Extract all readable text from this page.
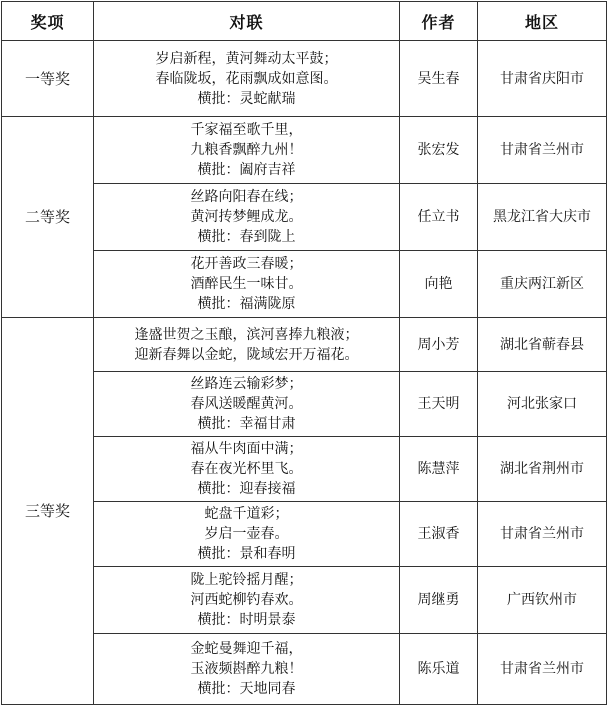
奖项	对联	作者	地区
一等奖	岁启新程，黄河舞动太平鼓；
春临陇坂，花雨飘成如意图。
横批：灵蛇献瑞	吴生春	甘肃省庆阳市
二等奖	千家福至歌千里，
九粮香飘醉九州！
横批：阖府吉祥	张宏发	甘肃省兰州市

	丝路向阳春在线；
黄河抟梦鲤成龙。
横批：春到陇上	任立书	黑龙江省大庆市

	花开善政三春暖；
酒醉民生一味甘。
横批：福满陇原	向艳	重庆两江新区
三等奖	逢盛世贺之玉酿，滨河喜捧九粮液；
迎新春舞以金蛇，陇域宏开万福花。	周小芳	湖北省蕲春县

	丝路连云输彩梦；
春风送暖醒黄河。
横批：幸福甘肃	王天明	河北张家口

	福从牛肉面中满；
春在夜光杯里飞。
横批：迎春接福	陈慧萍	湖北省荆州市

	蛇盘千道彩；
岁启一壶春。
横批：景和春明	王淑香	甘肃省兰州市

	陇上驼铃摇月醒；
河西蛇柳钓春欢。
横批：时明景泰	周继勇	广西钦州市

	金蛇曼舞迎千福，
玉液频斟醉九粮！
横批：天地同春	陈乐道	甘肃省兰州市
